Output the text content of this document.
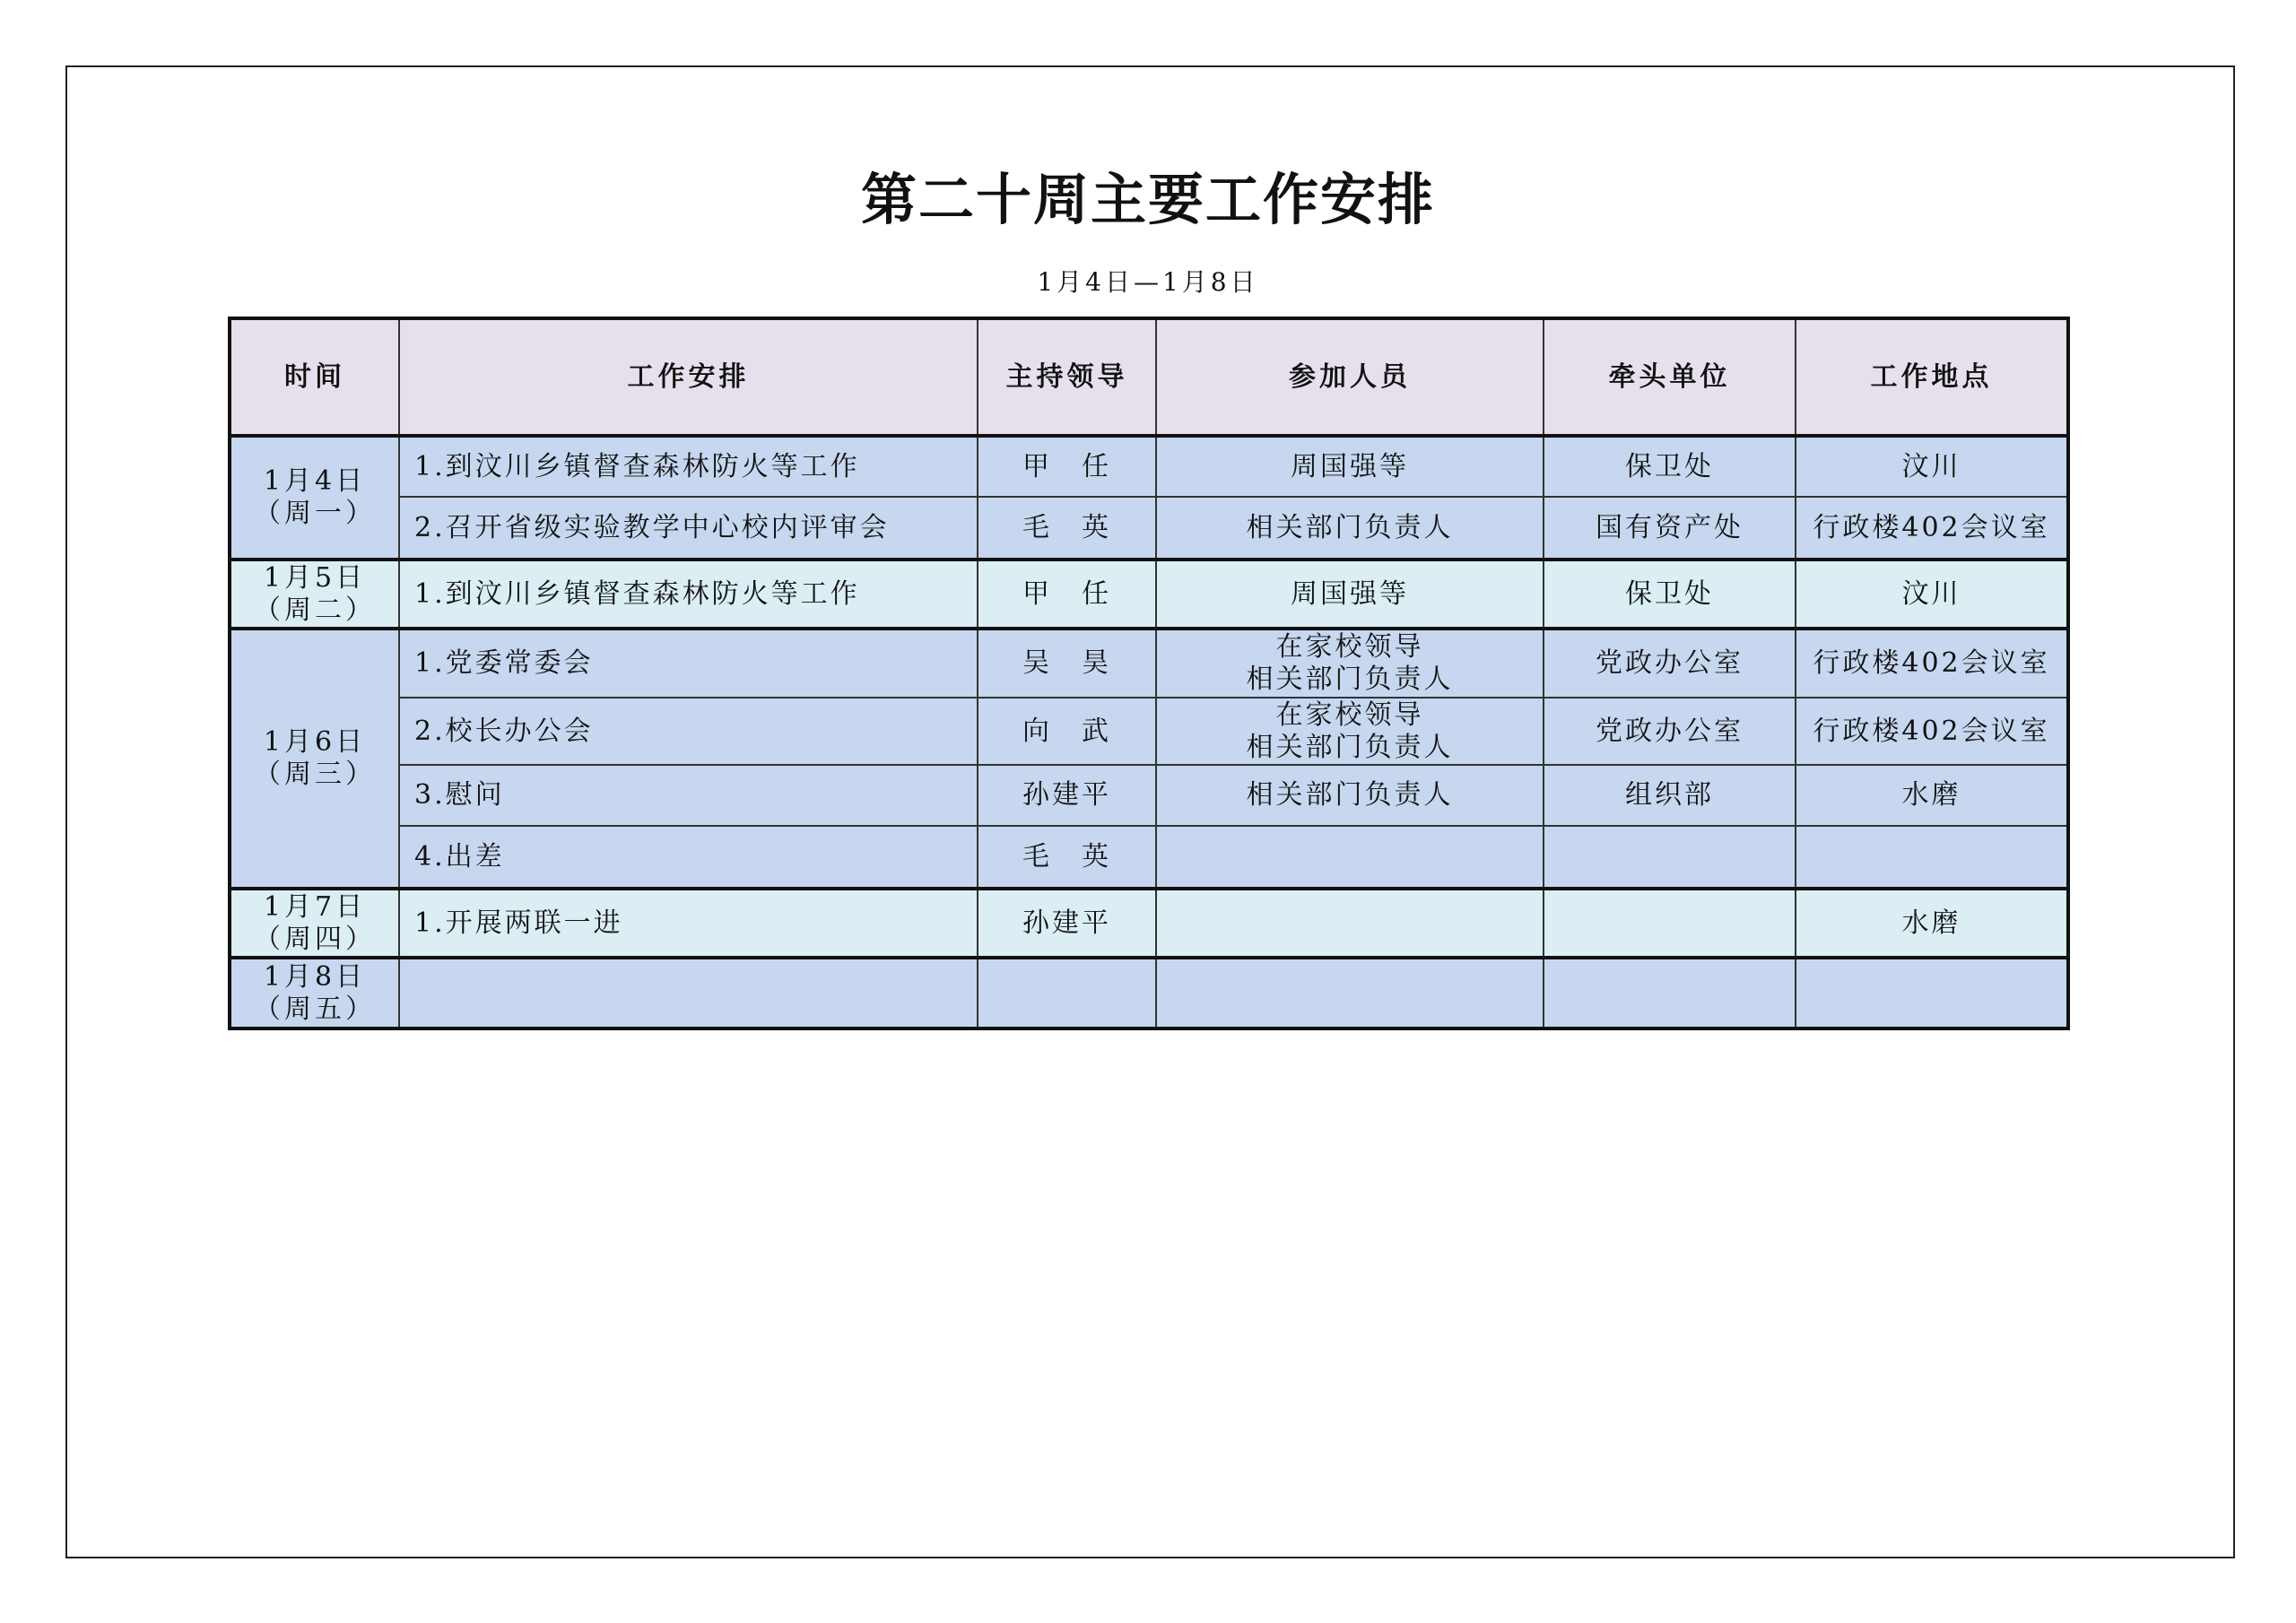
第二十周主要工作安排
1月4日—1月8日
时间	工作安排	主持领导	参加人员	牵头单位	工作地点

1月4日
（周一）	1.到汶川乡镇督查森林防火等工作	甲　任	周国强等	保卫处	汶川
	2.召开省级实验教学中心校内评审会	毛　英	相关部门负责人	国有资产处	行政楼402会议室

1月5日
（周二）	1.到汶川乡镇督查森林防火等工作	甲　任	周国强等	保卫处	汶川

1月6日
（周三）	1.党委常委会	吴　昊	在家校领导
相关部门负责人	党政办公室	行政楼402会议室
	2.校长办公会	向　武	在家校领导
相关部门负责人	党政办公室	行政楼402会议室
	3.慰问	孙建平	相关部门负责人	组织部	水磨
	4.出差	毛　英	

1月7日
（周四）	1.开展两联一进	孙建平			水磨

1月8日
（周五）					
